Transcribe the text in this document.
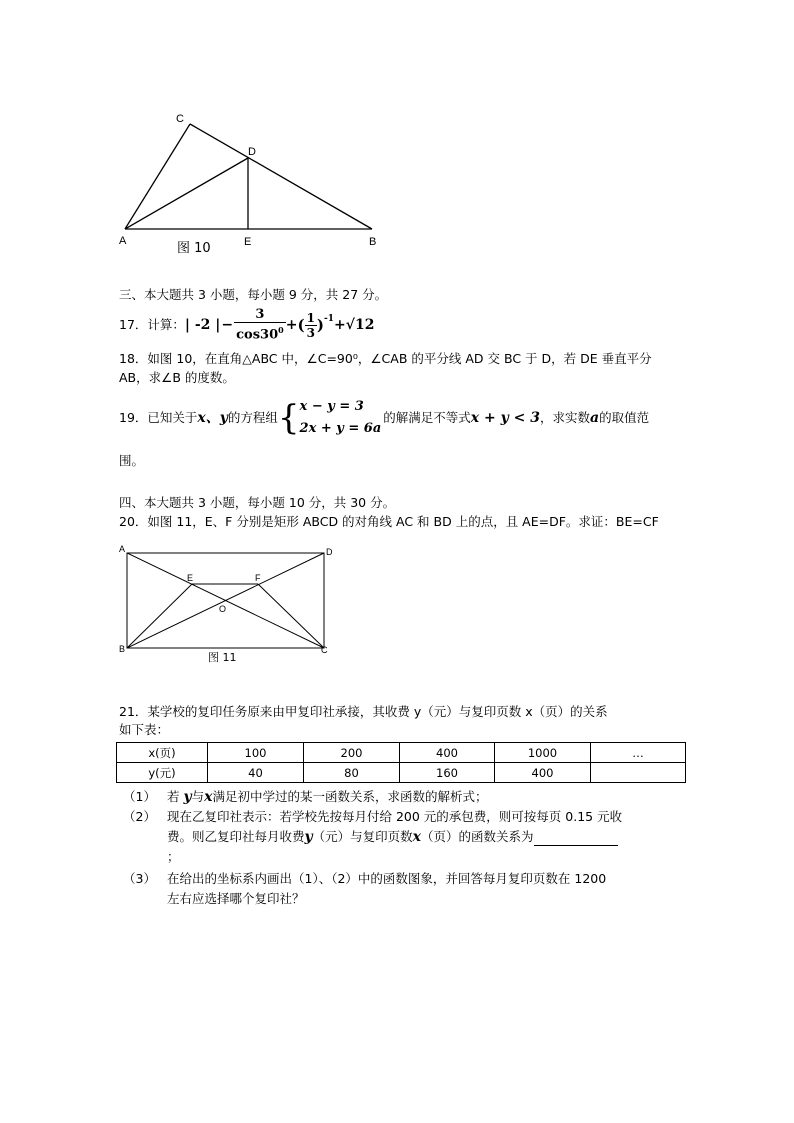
C
D
A	E	B
图 10
三、本大题共 3 小题，每小题 9 分，共 27 分。
17．计算： | -2 | − $\frac{3}{\cos 30^0}$ + ( $\frac{1}{3} )^{-1} + √12$
18．如图 10，在直角△ABC 中，∠C=90⁰，∠CAB 的平分线 AD 交 BC 于 D，若 DE 垂直平分
AB，求∠B 的度数。
19．已知关于 x、y 的方程组 { x − y = 3
2x + y = 6a
的解满足不等式 x + y < 3 ，求实数 a 的取值范
围。
四、本大题共 3 小题，每小题 10 分，共 30 分。
20．如图 11，E、F 分别是矩形 ABCD 的对角线 AC 和 BD 上的点，且 AE=DF。求证：BE=CF
A	D
E	F
O
B	C
图 11
21．某学校的复印任务原来由甲复印社承接，其收费 y（元）与复印页数 x（页）的关系
如下表：
x(页)	100	200	400	1000	…
y(元)	40	80	160	400	
（1） 若 y与x满足初中学过的某一函数关系，求函数的解析式；
（2） 现在乙复印社表示：若学校先按每月付给 200 元的承包费，则可按每页 0.15 元收
费。则乙复印社每月收费y（元）与复印页数x（页）的函数关系为
；
（3） 在给出的坐标系内画出（1）、（2）中的函数图象，并回答每月复印页数在 1200
左右应选择哪个复印社？
